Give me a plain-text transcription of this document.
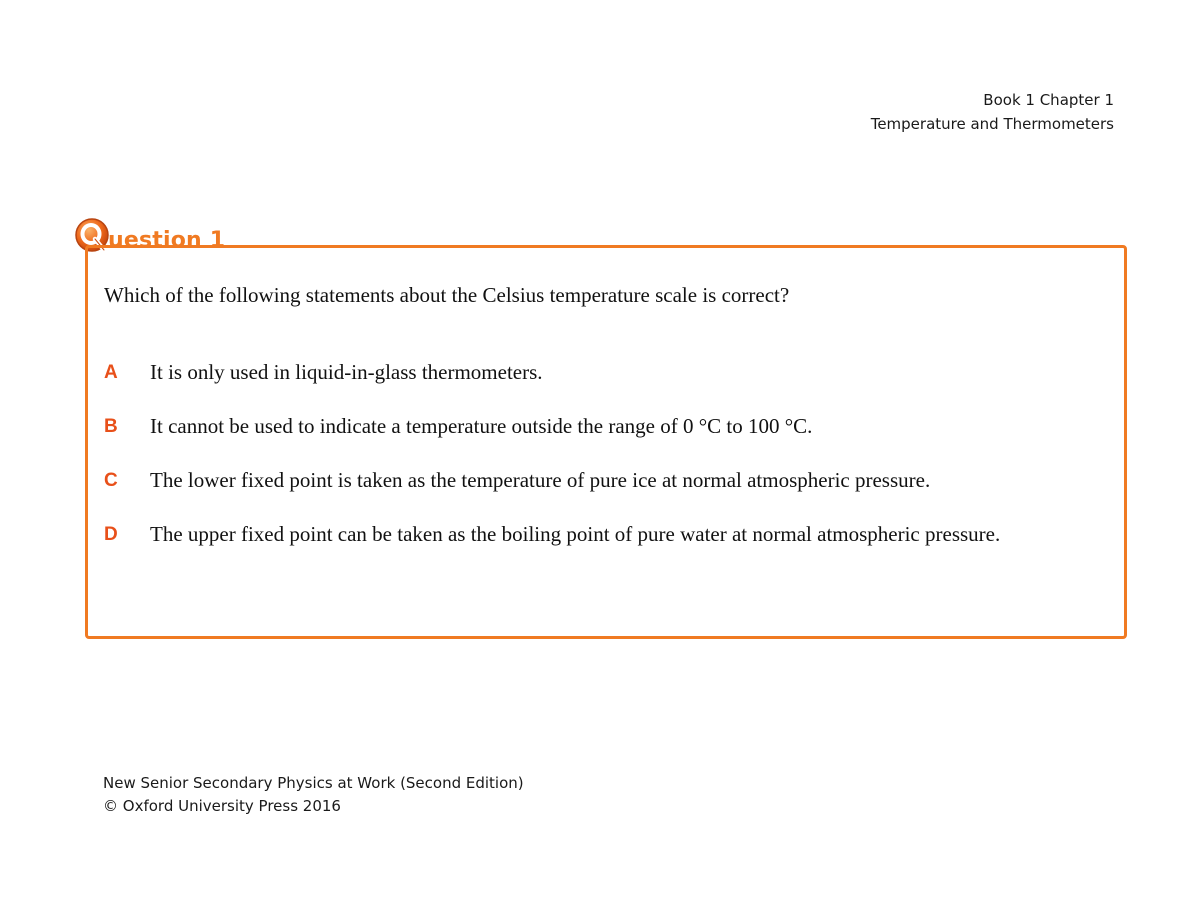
Book 1 Chapter 1
Temperature and Thermometers
uestion 1
Which of the following statements about the Celsius temperature scale is correct?
A	It is only used in liquid-in-glass thermometers.
B	It cannot be used to indicate a temperature outside the range of 0 °C to 100 °C.
C	The lower fixed point is taken as the temperature of pure ice at normal atmospheric pressure.
D	The upper fixed point can be taken as the boiling point of pure water at normal atmospheric pressure.
New Senior Secondary Physics at Work (Second Edition)
© Oxford University Press 2016
